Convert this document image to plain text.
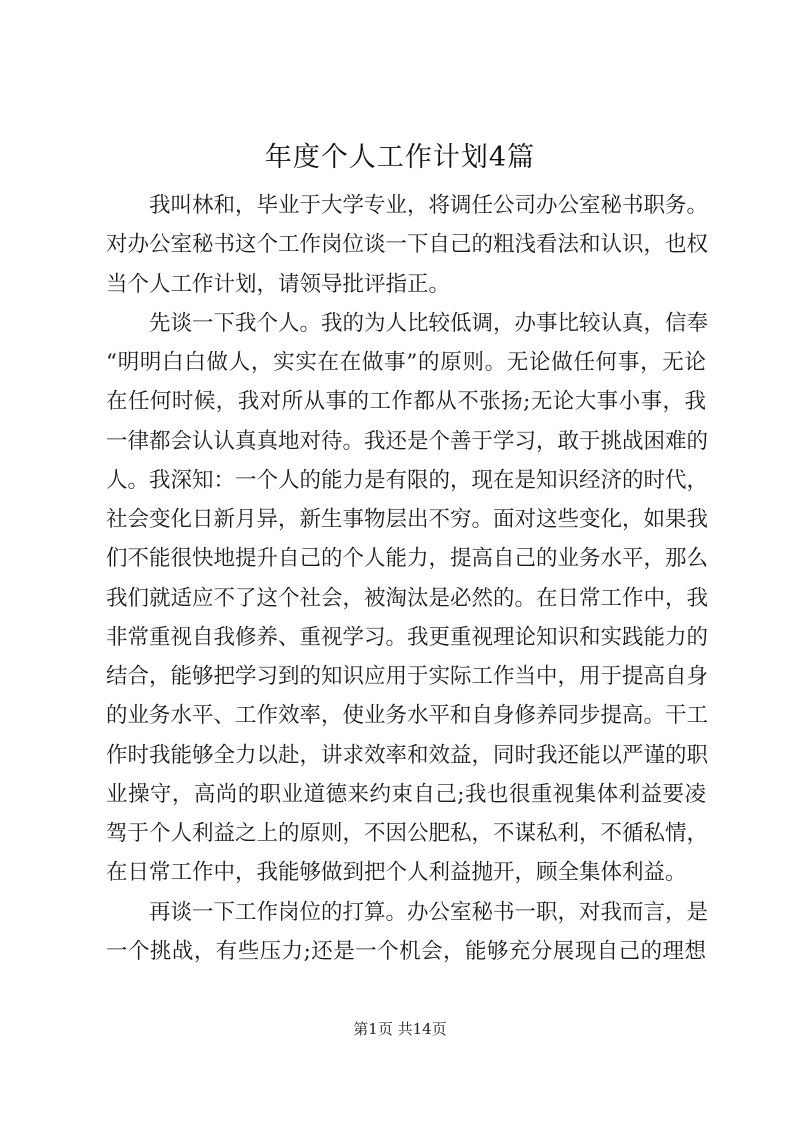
年度个人工作计划4篇
我叫林和，毕业于大学专业，将调任公司办公室秘书职务。
对办公室秘书这个工作岗位谈一下自己的粗浅看法和认识，也权
当个人工作计划，请领导批评指正。
先谈一下我个人。我的为人比较低调，办事比较认真，信奉
“明明白白做人，实实在在做事”的原则。无论做任何事，无论
在任何时候，我对所从事的工作都从不张扬;无论大事小事，我
一律都会认认真真地对待。我还是个善于学习，敢于挑战困难的
人。我深知：一个人的能力是有限的，现在是知识经济的时代，
社会变化日新月异，新生事物层出不穷。面对这些变化，如果我
们不能很快地提升自己的个人能力，提高自己的业务水平，那么
我们就适应不了这个社会，被淘汰是必然的。在日常工作中，我
非常重视自我修养、重视学习。我更重视理论知识和实践能力的
结合，能够把学习到的知识应用于实际工作当中，用于提高自身
的业务水平、工作效率，使业务水平和自身修养同步提高。干工
作时我能够全力以赴，讲求效率和效益，同时我还能以严谨的职
业操守，高尚的职业道德来约束自己;我也很重视集体利益要凌
驾于个人利益之上的原则，不因公肥私，不谋私利，不循私情，
在日常工作中，我能够做到把个人利益抛开，顾全集体利益。
再谈一下工作岗位的打算。办公室秘书一职，对我而言，是
一个挑战，有些压力;还是一个机会，能够充分展现自己的理想
第1页 共14页
